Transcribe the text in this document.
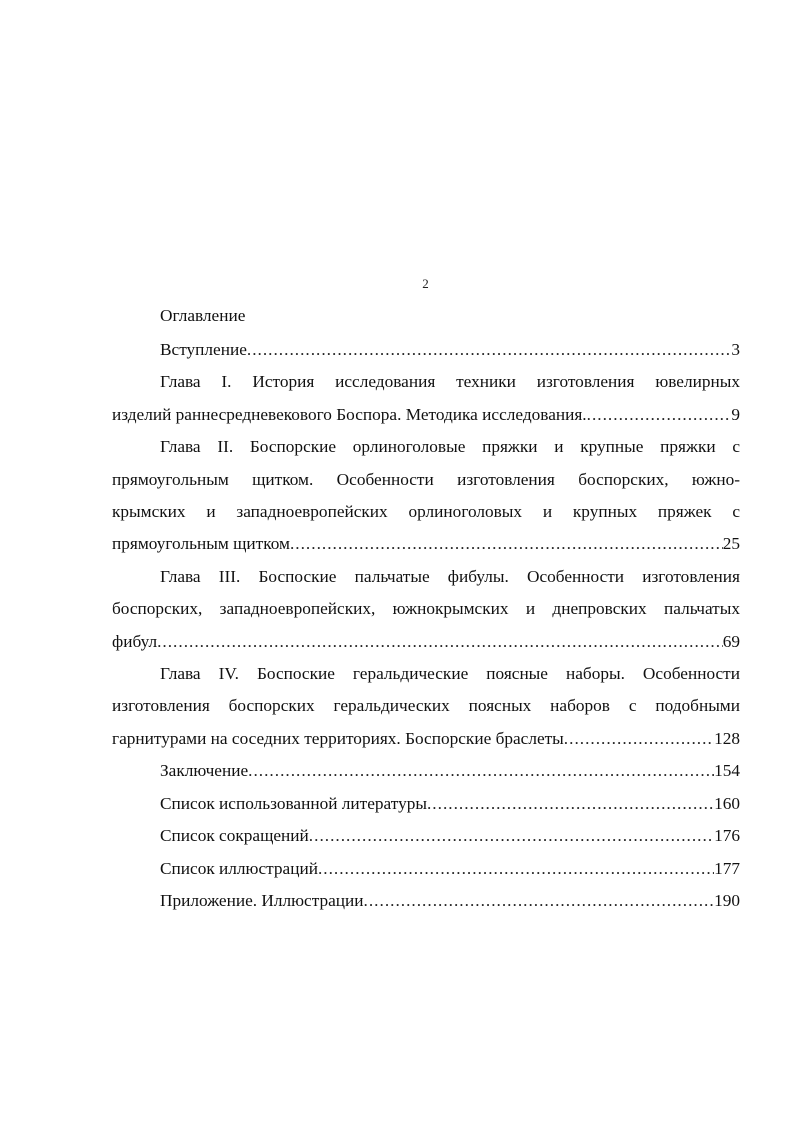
2
Оглавление
Вступление .....	3
Глава I. История исследования техники изготовления ювелирных
изделий раннесредневекового Боспора. Методика исследования. .....	9
Глава II. Боспорские орлиноголовые пряжки и крупные пряжки с
прямоугольным щитком. Особенности изготовления боспорских, южно-
крымских и западноевропейских орлиноголовых и крупных пряжек с
прямоугольным щитком .....	25
Глава III. Боспоские пальчатые фибулы. Особенности изготовления
боспорских, западноевропейских, южнокрымских и днепровских пальчатых
фибул .....	69
Глава IV. Боспоские геральдические поясные наборы. Особенности
изготовления боспорских геральдических поясных наборов с подобными
гарнитурами на соседних территориях. Боспорские браслеты .....	128
Заключение .....	154
Список использованной литературы .....	160
Список сокращений .....	176
Список иллюстраций .....	177
Приложение. Иллюстрации .....	190
